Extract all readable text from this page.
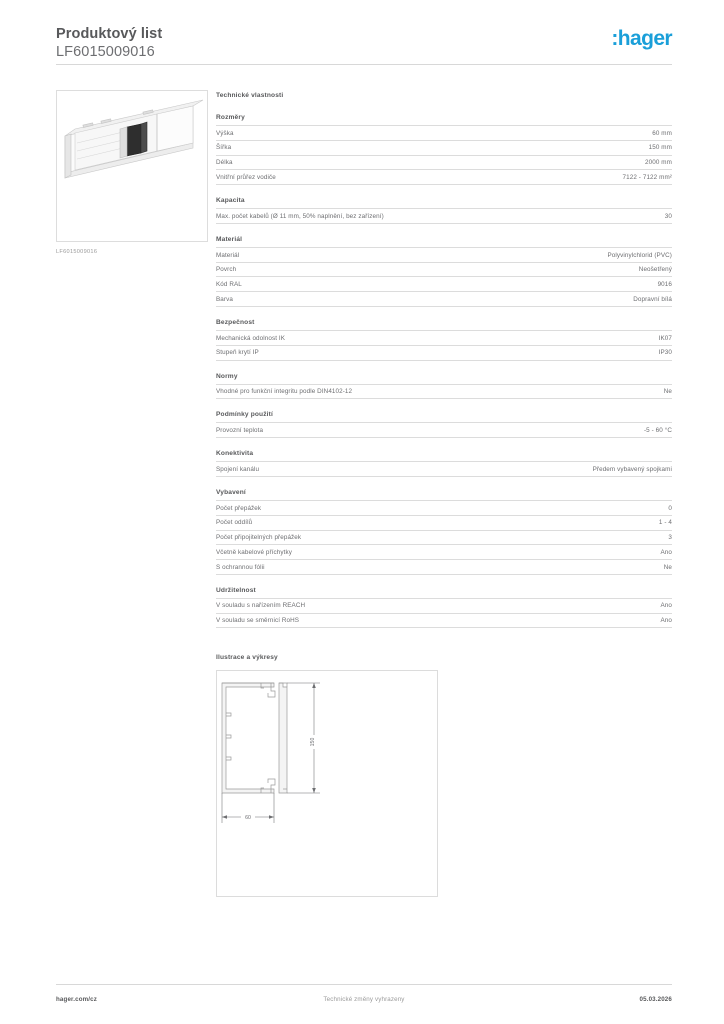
Produktový list
LF6015009016
:hager
LF6015009016
Technické vlastnosti
Rozměry
Výška	60 mm
Šířka	150 mm
Délka	2000 mm
Vnitřní průřez vodiče	7122 - 7122 mm²
Kapacita
Max. počet kabelů (Ø 11 mm, 50% naplnění, bez zařízení)	30
Materiál
Materiál	Polyvinylchlorid (PVC)
Povrch	Neošetřený
Kód RAL	9016
Barva	Dopravní bílá
Bezpečnost
Mechanická odolnost IK	IK07
Stupeň krytí IP	IP30
Normy
Vhodné pro funkční integritu podle DIN4102-12	Ne
Podmínky použití
Provozní teplota	-5 - 60 °C
Konektivita
Spojení kanálu	Předem vybavený spojkami
Vybavení
Počet přepážek	0
Počet oddílů	1 - 4
Počet připojitelných přepážek	3
Včetně kabelové příchytky	Ano
S ochrannou fólii	Ne
Udržitelnost
V souladu s nařízením REACH	Ano
V souladu se směrnicí RoHS	Ano
Ilustrace a výkresy
150
60
hager.com/cz	Technické změny vyhrazeny	05.03.2026
